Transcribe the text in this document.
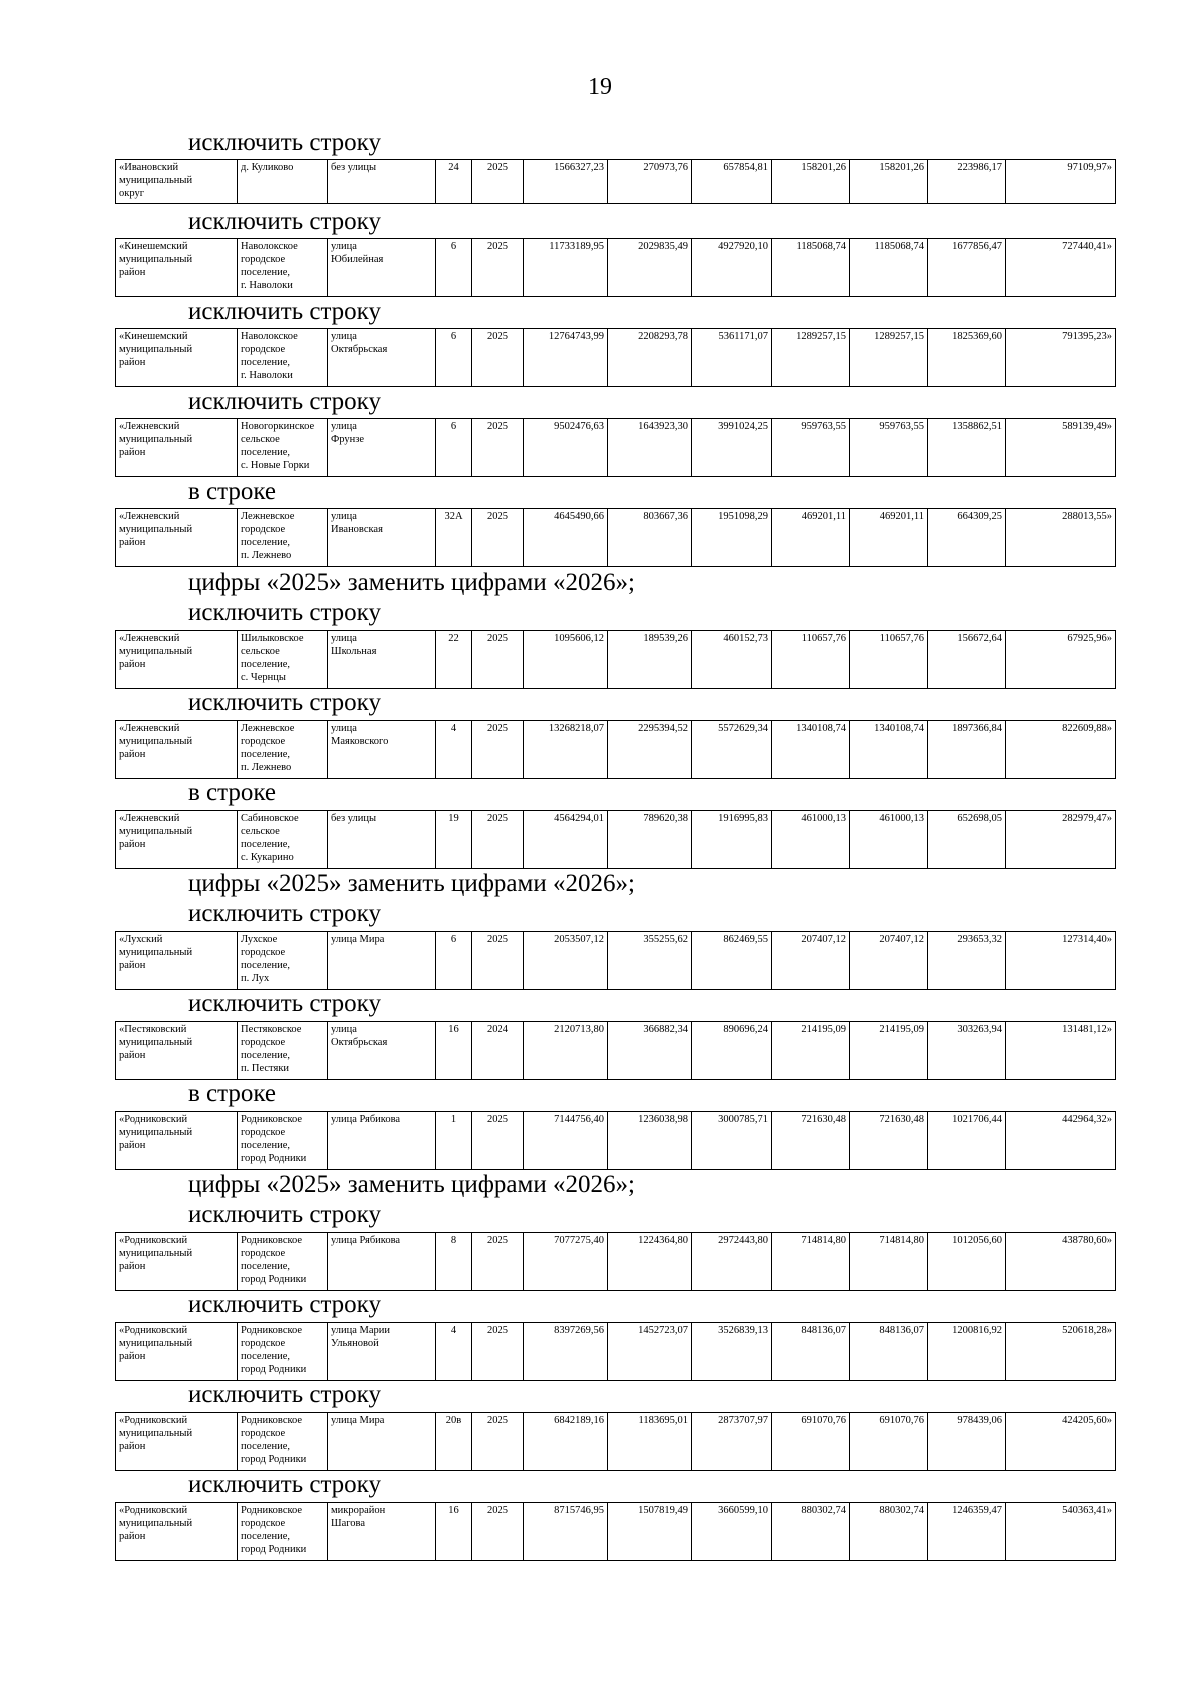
19
исключить строку
«Ивановский
муниципальный
округ	д. Куликово	без улицы	24	2025	1566327,23	270973,76	657854,81	158201,26	158201,26	223986,17	97109,97»
исключить строку
«Кинешемский
муниципальный
район	Наволокское
городское
поселение,
г. Наволоки	улица
Юбилейная	6	2025	11733189,95	2029835,49	4927920,10	1185068,74	1185068,74	1677856,47	727440,41»
исключить строку
«Кинешемский
муниципальный
район	Наволокское
городское
поселение,
г. Наволоки	улица
Октябрьская	6	2025	12764743,99	2208293,78	5361171,07	1289257,15	1289257,15	1825369,60	791395,23»
исключить строку
«Лежневский
муниципальный
район	Новогоркинское
сельское
поселение,
с. Новые Горки	улица
Фрунзе	6	2025	9502476,63	1643923,30	3991024,25	959763,55	959763,55	1358862,51	589139,49»
в строке
«Лежневский
муниципальный
район	Лежневское
городское
поселение,
п. Лежнево	улица
Ивановская	32А	2025	4645490,66	803667,36	1951098,29	469201,11	469201,11	664309,25	288013,55»
цифры «2025» заменить цифрами «2026»;
исключить строку
«Лежневский
муниципальный
район	Шилыковское
сельское
поселение,
с. Чернцы	улица
Школьная	22	2025	1095606,12	189539,26	460152,73	110657,76	110657,76	156672,64	67925,96»
исключить строку
«Лежневский
муниципальный
район	Лежневское
городское
поселение,
п. Лежнево	улица
Маяковского	4	2025	13268218,07	2295394,52	5572629,34	1340108,74	1340108,74	1897366,84	822609,88»
в строке
«Лежневский
муниципальный
район	Сабиновское
сельское
поселение,
с. Кукарино	без улицы	19	2025	4564294,01	789620,38	1916995,83	461000,13	461000,13	652698,05	282979,47»
цифры «2025» заменить цифрами «2026»;
исключить строку
«Лухский
муниципальный
район	Лухское
городское
поселение,
п. Лух	улица Мира	6	2025	2053507,12	355255,62	862469,55	207407,12	207407,12	293653,32	127314,40»
исключить строку
«Пестяковский
муниципальный
район	Пестяковское
городское
поселение,
п. Пестяки	улица
Октябрьская	16	2024	2120713,80	366882,34	890696,24	214195,09	214195,09	303263,94	131481,12»
в строке
«Родниковский
муниципальный
район	Родниковское
городское
поселение,
город Родники	улица Рябикова	1	2025	7144756,40	1236038,98	3000785,71	721630,48	721630,48	1021706,44	442964,32»
цифры «2025» заменить цифрами «2026»;
исключить строку
«Родниковский
муниципальный
район	Родниковское
городское
поселение,
город Родники	улица Рябикова	8	2025	7077275,40	1224364,80	2972443,80	714814,80	714814,80	1012056,60	438780,60»
исключить строку
«Родниковский
муниципальный
район	Родниковское
городское
поселение,
город Родники	улица Марии
Ульяновой	4	2025	8397269,56	1452723,07	3526839,13	848136,07	848136,07	1200816,92	520618,28»
исключить строку
«Родниковский
муниципальный
район	Родниковское
городское
поселение,
город Родники	улица Мира	20в	2025	6842189,16	1183695,01	2873707,97	691070,76	691070,76	978439,06	424205,60»
исключить строку
«Родниковский
муниципальный
район	Родниковское
городское
поселение,
город Родники	микрорайон
Шагова	16	2025	8715746,95	1507819,49	3660599,10	880302,74	880302,74	1246359,47	540363,41»
